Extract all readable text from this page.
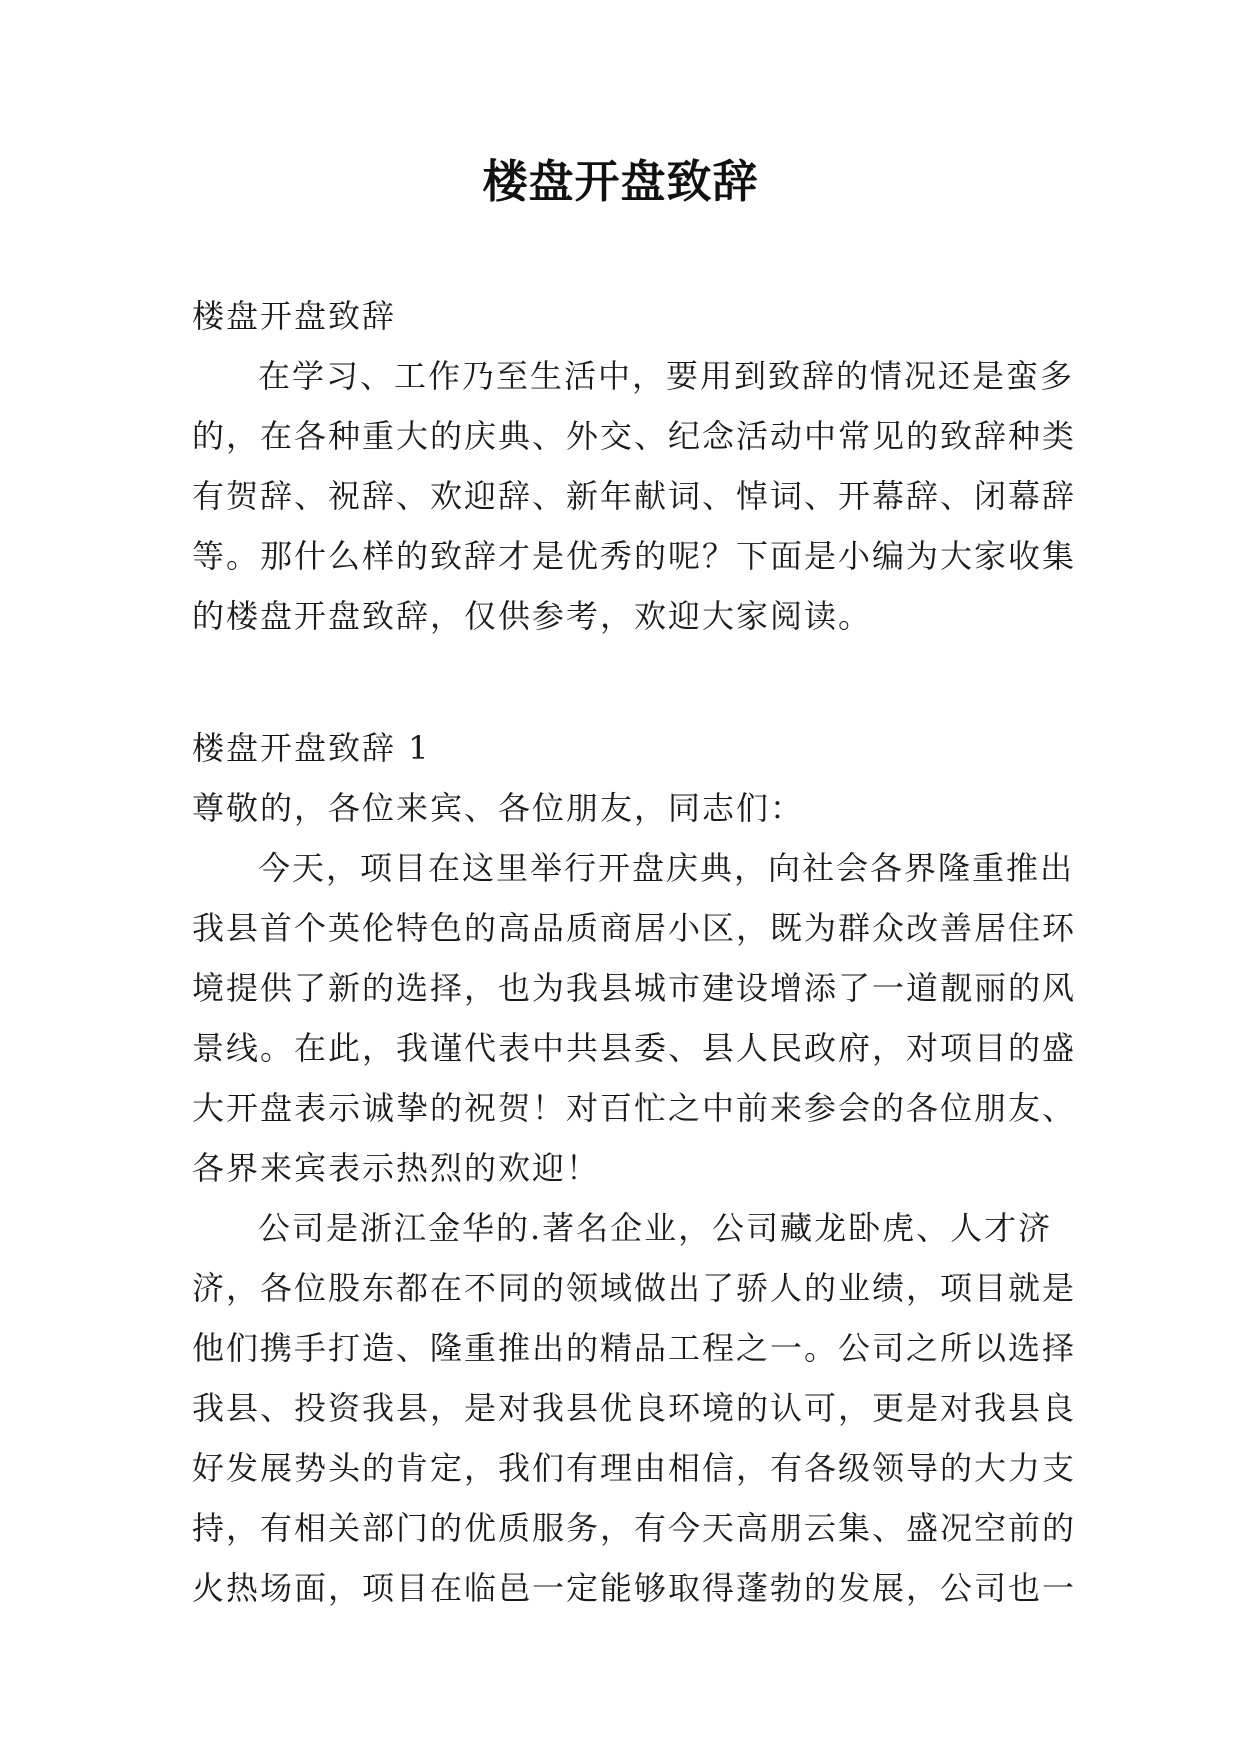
楼盘开盘致辞
楼盘开盘致辞
在学习、工作乃至生活中，要用到致辞的情况还是蛮多
的，在各种重大的庆典、外交、纪念活动中常见的致辞种类
有贺辞、祝辞、欢迎辞、新年献词、悼词、开幕辞、闭幕辞
等。那什么样的致辞才是优秀的呢？下面是小编为大家收集
的楼盘开盘致辞，仅供参考，欢迎大家阅读。
楼盘开盘致辞 1
尊敬的，各位来宾、各位朋友，同志们：
今天，项目在这里举行开盘庆典，向社会各界隆重推出
我县首个英伦特色的高品质商居小区，既为群众改善居住环
境提供了新的选择，也为我县城市建设增添了一道靓丽的风
景线。在此，我谨代表中共县委、县人民政府，对项目的盛
大开盘表示诚挚的祝贺！对百忙之中前来参会的各位朋友、
各界来宾表示热烈的欢迎！
公司是浙江金华的.著名企业，公司藏龙卧虎、人才济
济，各位股东都在不同的领域做出了骄人的业绩，项目就是
他们携手打造、隆重推出的精品工程之一。公司之所以选择
我县、投资我县，是对我县优良环境的认可，更是对我县良
好发展势头的肯定，我们有理由相信，有各级领导的大力支
持，有相关部门的优质服务，有今天高朋云集、盛况空前的
火热场面，项目在临邑一定能够取得蓬勃的发展，公司也一
